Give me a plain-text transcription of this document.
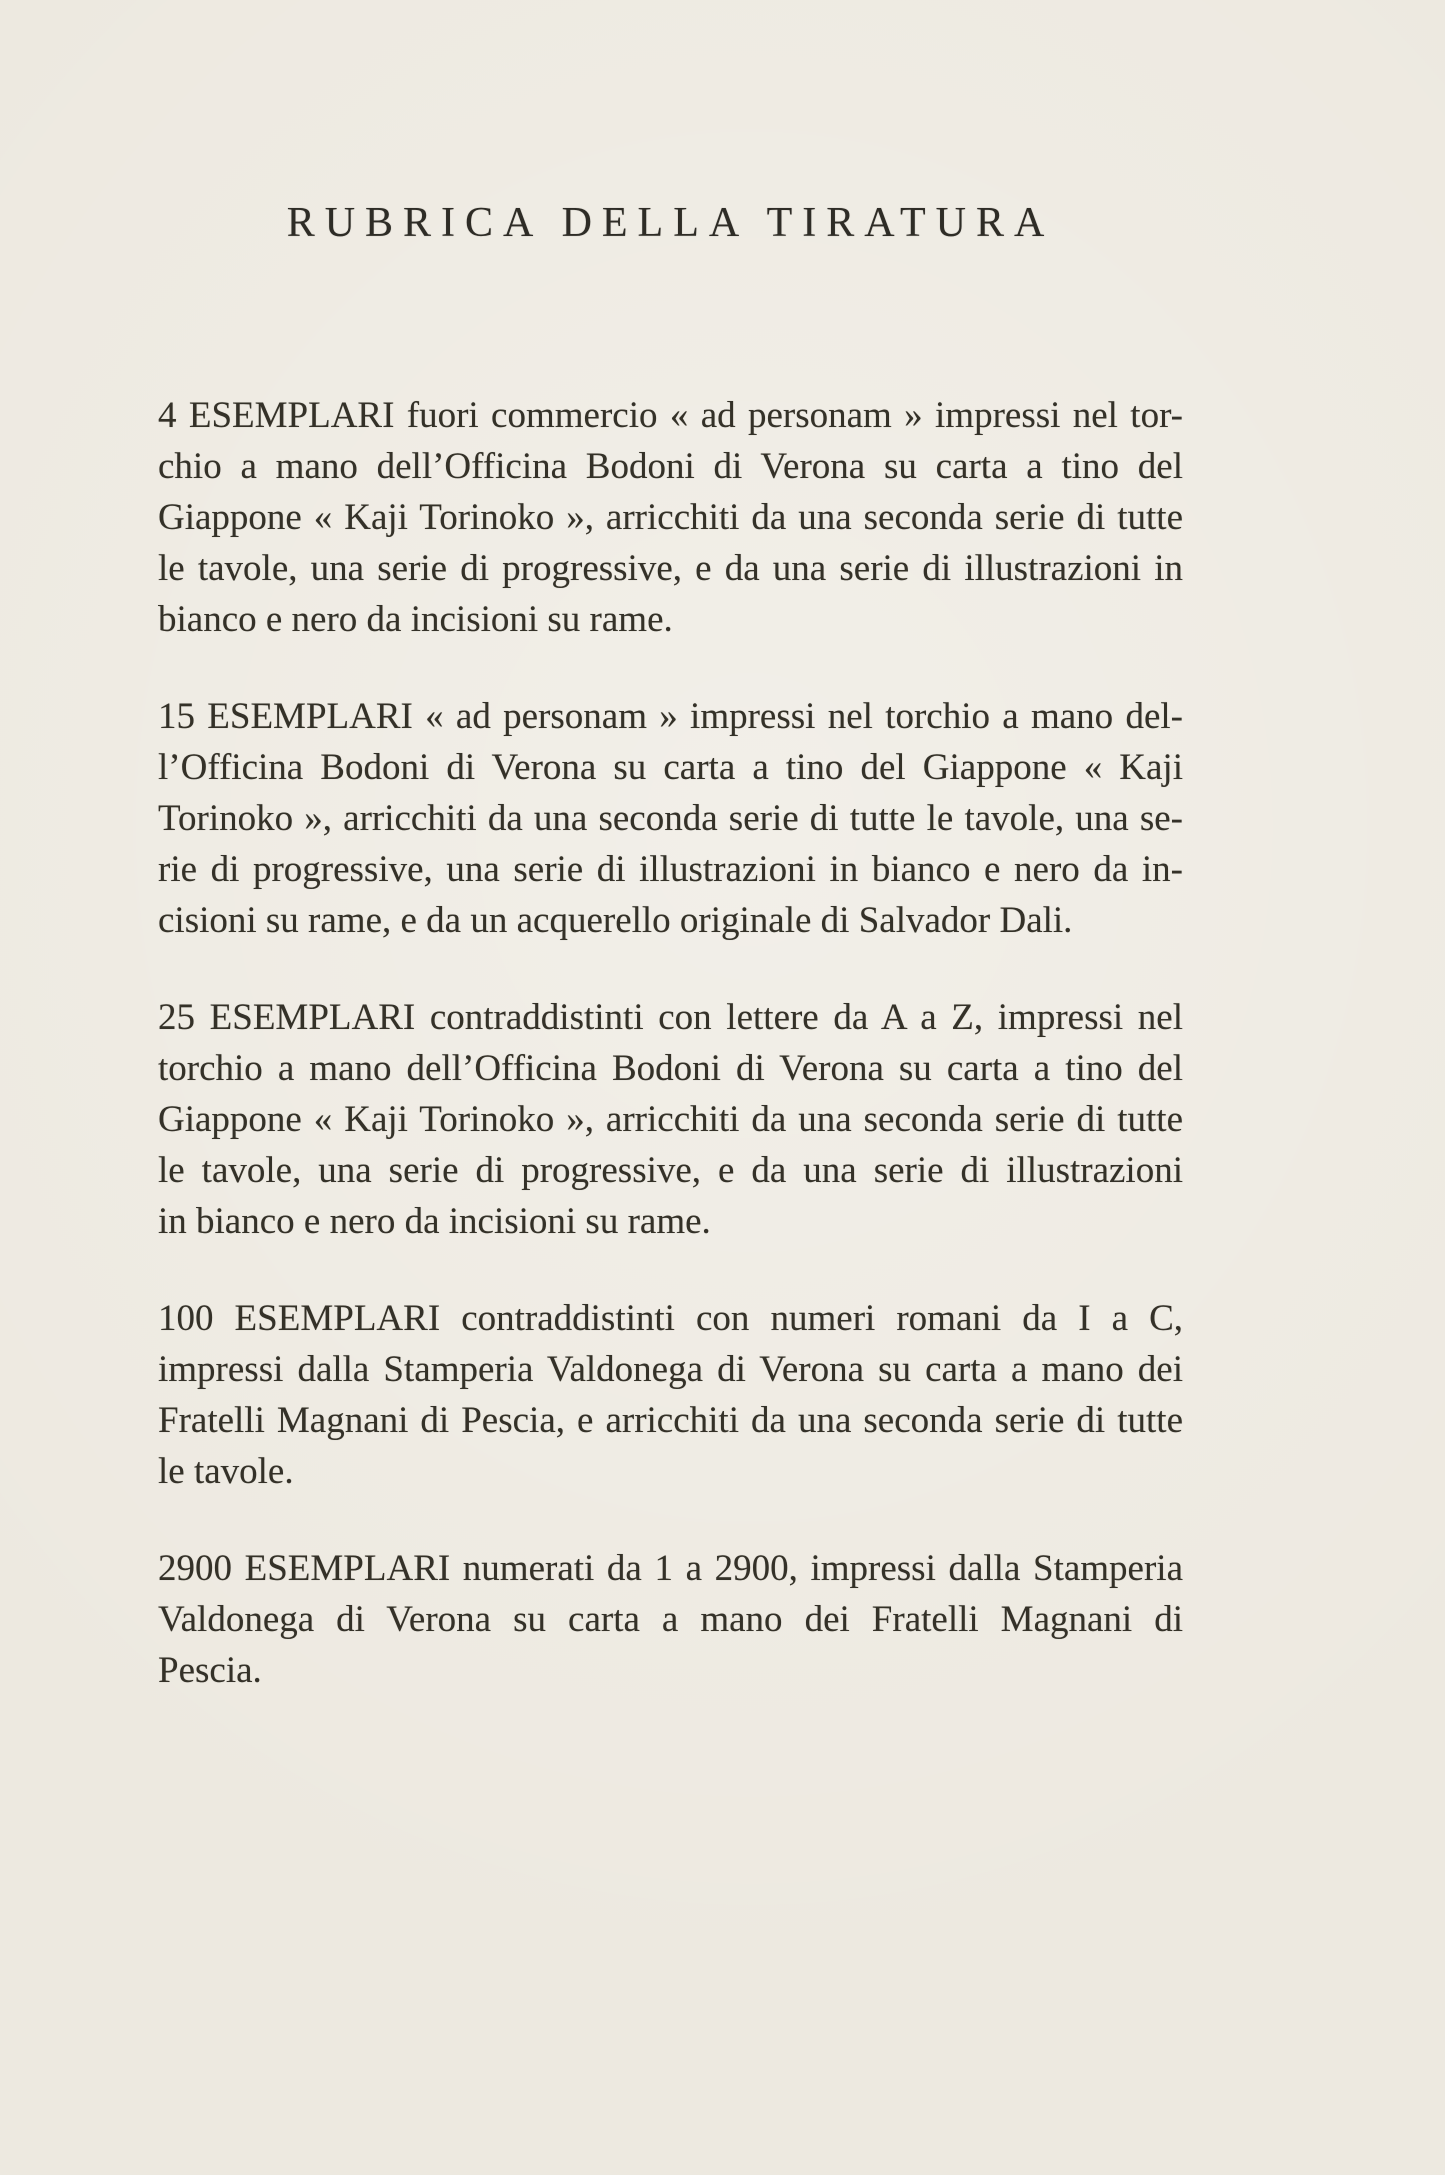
RUBRICA DELLA TIRATURA
4 ESEMPLARI fuori commercio « ad personam » impressi nel tor-
chio a mano dell’Officina Bodoni di Verona su carta a tino del
Giappone « Kaji Torinoko », arricchiti da una seconda serie di tutte
le tavole, una serie di progressive, e da una serie di illustrazioni in
bianco e nero da incisioni su rame.
15 ESEMPLARI « ad personam » impressi nel torchio a mano del-
l’Officina Bodoni di Verona su carta a tino del Giappone « Kaji
Torinoko », arricchiti da una seconda serie di tutte le tavole, una se-
rie di progressive, una serie di illustrazioni in bianco e nero da in-
cisioni su rame, e da un acquerello originale di Salvador Dali.
25 ESEMPLARI contraddistinti con lettere da A a Z, impressi nel
torchio a mano dell’Officina Bodoni di Verona su carta a tino del
Giappone « Kaji Torinoko », arricchiti da una seconda serie di tutte
le tavole, una serie di progressive, e da una serie di illustrazioni
in bianco e nero da incisioni su rame.
100 ESEMPLARI contraddistinti con numeri romani da I a C,
impressi dalla Stamperia Valdonega di Verona su carta a mano dei
Fratelli Magnani di Pescia, e arricchiti da una seconda serie di tutte
le tavole.
2900 ESEMPLARI numerati da 1 a 2900, impressi dalla Stamperia
Valdonega di Verona su carta a mano dei Fratelli Magnani di
Pescia.
